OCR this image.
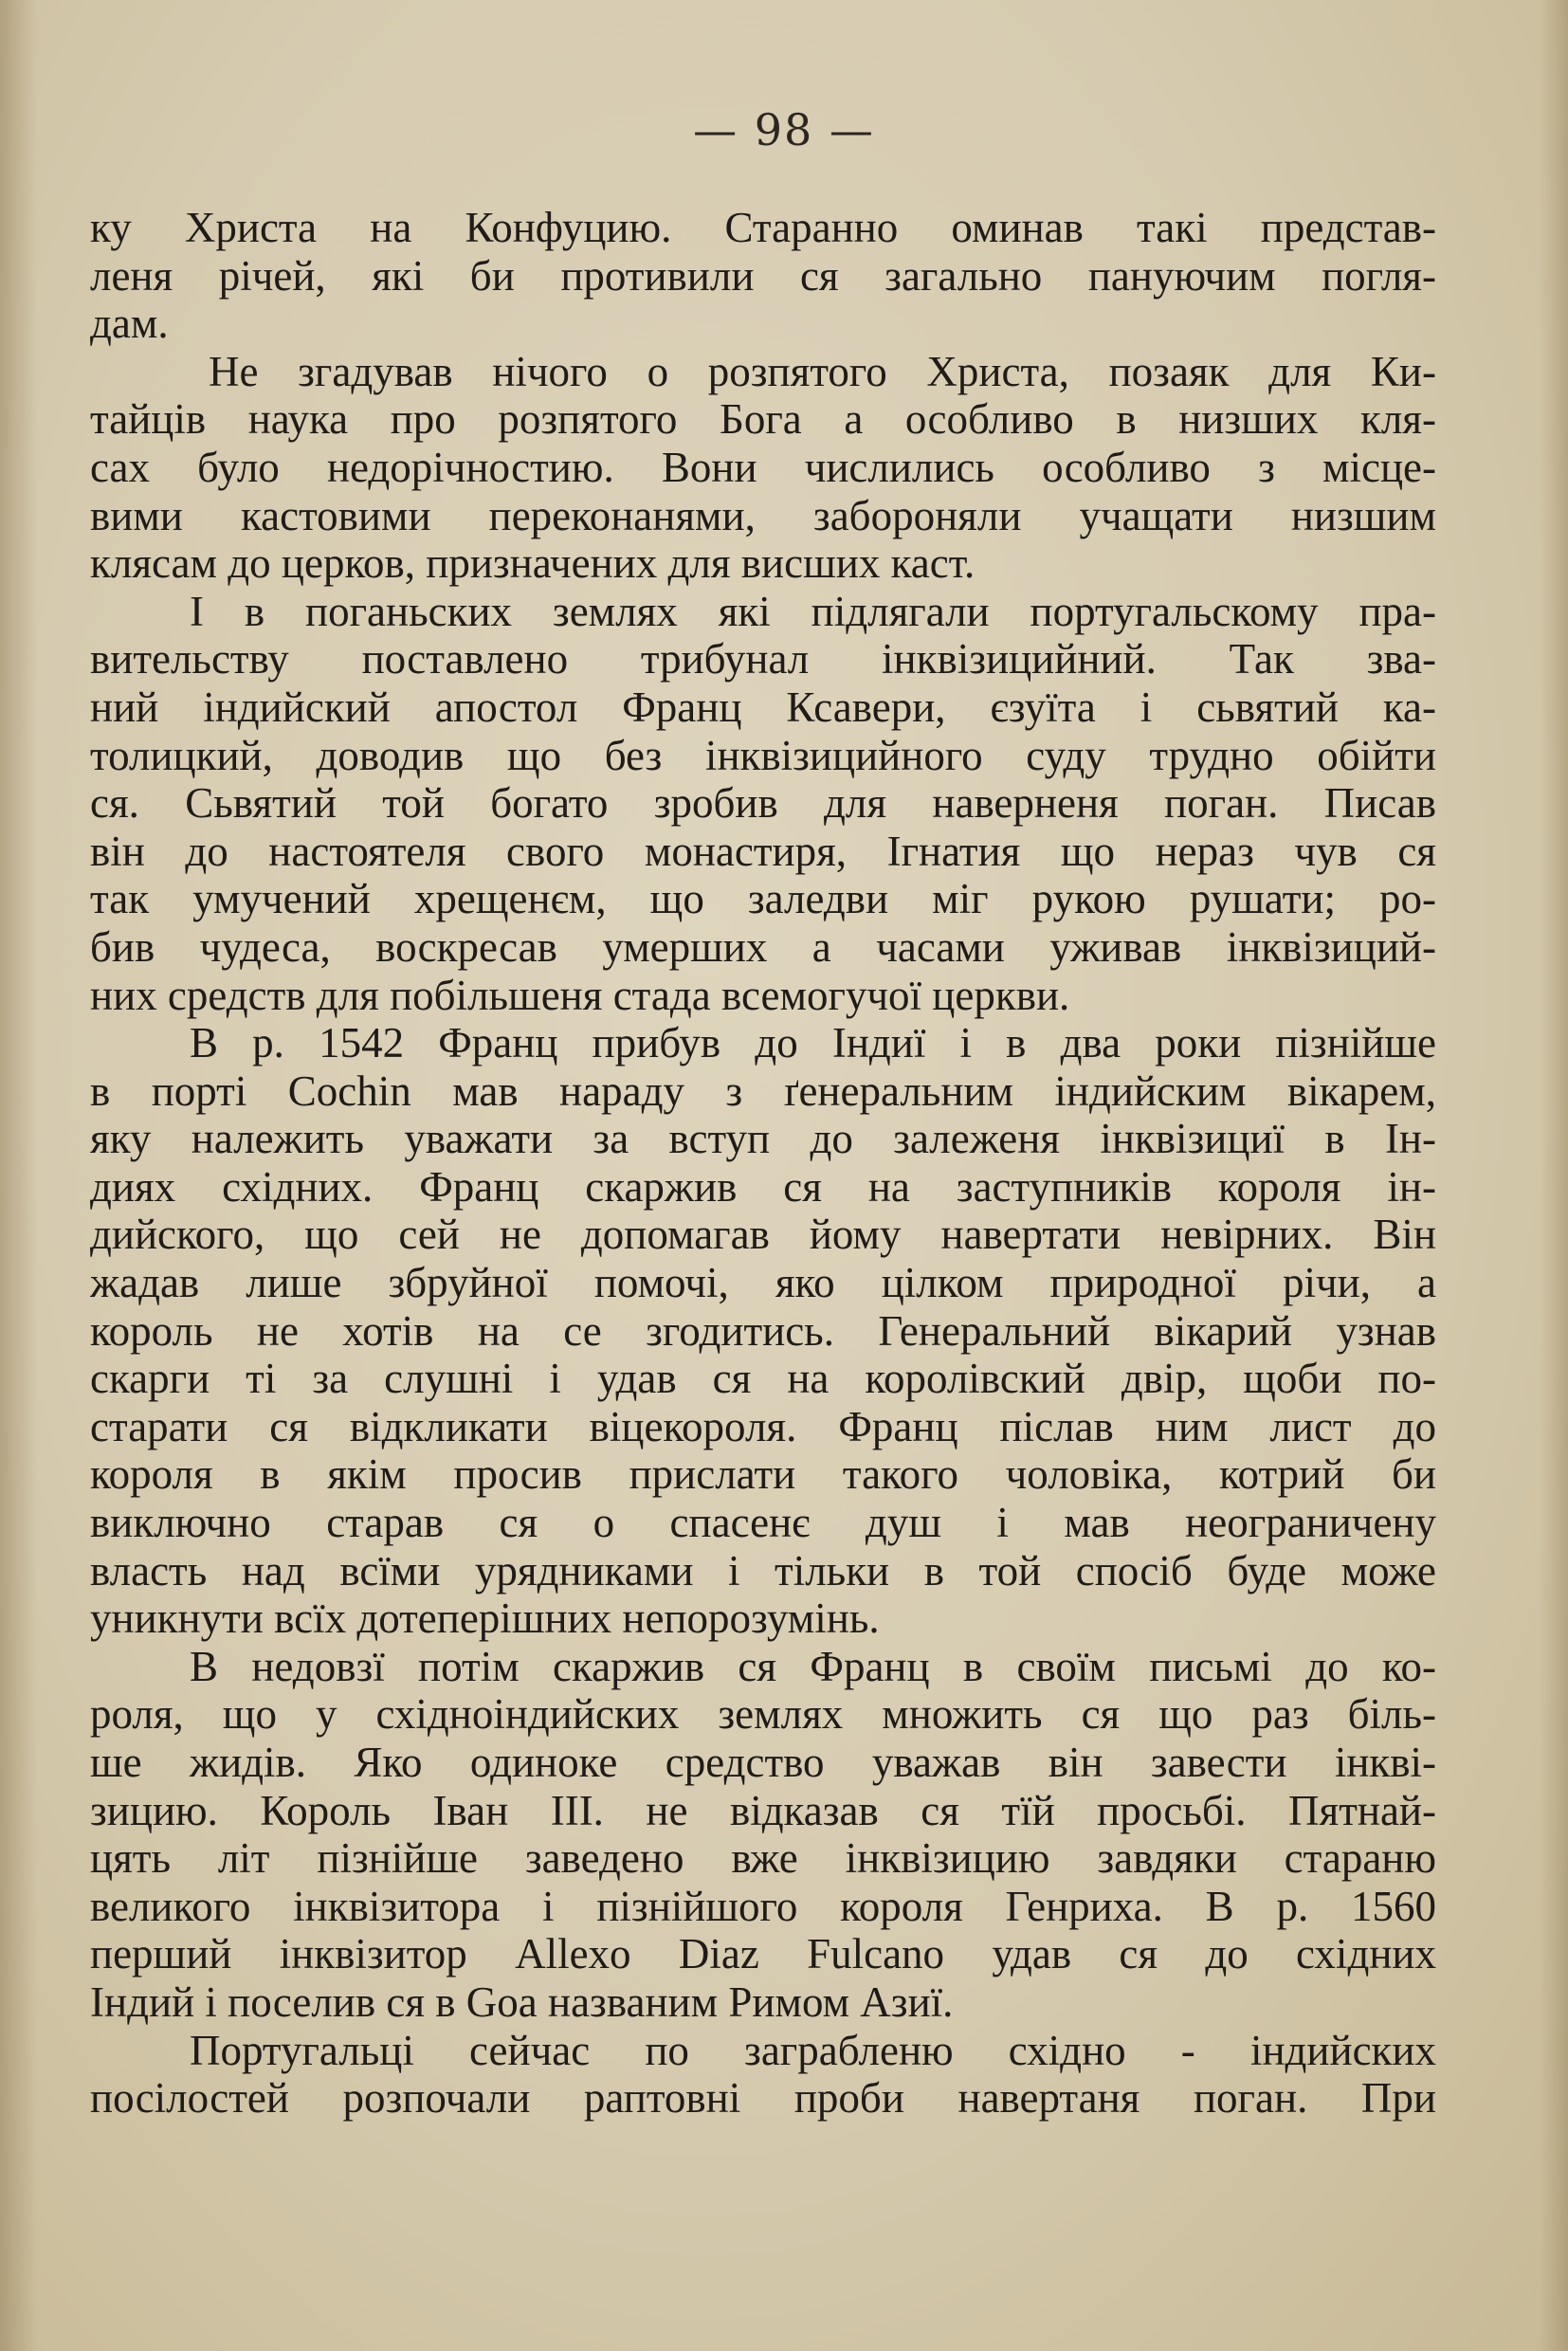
— 98 —
ку Христа на Конфуцию. Старанно оминав такі представ-
леня річей, які би противили ся загально пануючим погля-
дам.
Не згадував нічого о розпятого Христа, позаяк для Ки-
тайців наука про розпятого Бога а особливо в низших кля-
сах було недорічностию. Вони числились особливо з місце-
вими кастовими переконанями, забороняли учащати низшим
клясам до церков, призначених для висших каст.
І в поганьских землях які підлягали португальскому пра-
вительству поставлено трибунал інквізицийний. Так зва-
ний індийский апостол Франц Ксавери, єзуїта і сьвятий ка-
толицкий, доводив що без інквізицийного суду трудно обійти
ся. Сьвятий той богато зробив для наверненя поган. Писав
він до настоятеля свого монастиря, Ігнатия що нераз чув ся
так умучений хрещенєм, що заледви міг рукою рушати; ро-
бив чудеса, воскресав умерших а часами уживав інквізиций-
них средств для побільшеня стада всемогучої церкви.
В р. 1542 Франц прибув до Індиї і в два роки пізнійше
в порті Cochin мав нараду з ґенеральним індийским вікарем,
яку належить уважати за вступ до залеженя інквізициї в Ін-
диях східних. Франц скаржив ся на заступників короля ін-
дийского, що сей не допомагав йому навертати невірних. Він
жадав лише збруйної помочі, яко цілком природної річи, а
король не хотів на се згодитись. Генеральний вікарий узнав
скарги ті за слушні і удав ся на королівский двір, щоби по-
старати ся відкликати віцекороля. Франц післав ним лист до
короля в якім просив прислати такого чоловіка, котрий би
виключно старав ся о спасенє душ і мав неограничену
власть над всїми урядниками і тільки в той спосіб буде може
уникнути всїх дотеперішних непорозумінь.
В недовзї потім скаржив ся Франц в своїм письмі до ко-
роля, що у східноіндийских землях множить ся що раз біль-
ше жидів. Яко одиноке средство уважав він завести інкві-
зицию. Король Іван III. не відказав ся тїй просьбі. Пятнай-
цять літ пізнійше заведено вже інквізицию завдяки стараню
великого інквізитора і пізнійшого короля Генриха. В р. 1560
перший інквізитор Allexo Diaz Fulcano удав ся до східних
Індий і поселив ся в Goa названим Римом Азиї.
Португальці сейчас по заграбленю східно - індийских
посілостей розпочали раптовні проби навертаня поган. При
